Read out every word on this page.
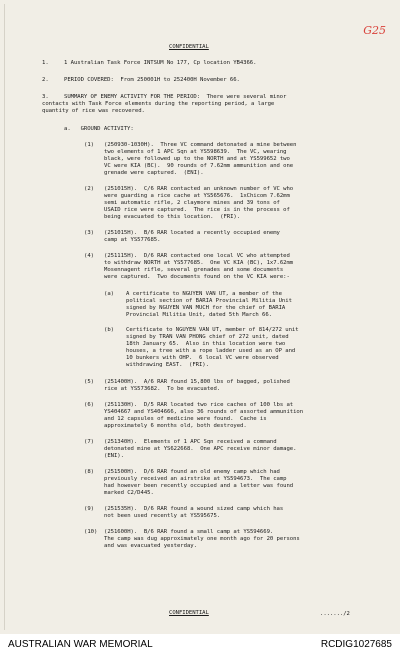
G25
CONFIDENTIAL
1.	1 Australian Task Force INTSUM No 177, Cp location YB4366.
2.	PERIOD COVERED:  From 250001H to 252400H November 66.
3.	SUMMARY OF ENEMY ACTIVITY FOR THE PERIOD:  There were several minor
contacts with Task Force elements during the reporting period, a large
quantity of rice was recovered.
a.   GROUND ACTIVITY:
(1) (250930-1030H).  Three VC command detonated a mine between
two elements of 1 APC Sqn at YS598639.  The VC, wearing
black, were followed up to the NORTH and at YS599652 two
VC were KIA (BC).  90 rounds of 7.62mm ammunition and one
grenade were captured.  (ENI).
(2) (251015H).  C/6 RAR contacted an unknown number of VC who
were guarding a rice cache at YS565676.  1xChicom 7.62mm
semi automatic rifle, 2 claymore mines and 39 tons of
USAID rice were captured.  The rice is in the process of
being evacuated to this location.  (FRI).
(3) (251015H).  B/6 RAR located a recently occupied enemy
camp at YS577685.
(4) (251115H).  D/6 RAR contacted one local VC who attempted
to withdraw NORTH at YS577685.  One VC KIA (BC), 1x7.62mm
Mosennagent rifle, several grenades and some documents
were captured.  Two documents found on the VC KIA were:-
(a) A certificate to NGUYEN VAN UT, a member of the
political section of BARIA Provincial Militia Unit
signed by NGUYEN VAN MUCH for the chief of BARIA
Provincial Militia Unit, dated 5th March 66.
(b) Certificate to NGUYEN VAN UT, member of 814/272 unit
signed by TRAN VAN PHONG chief of 272 unit, dated
18th January 65.  Also in this location were two
houses, a tree with a rope ladder used as an OP and
10 bunkers with OHP.  6 local VC were observed
withdrawing EAST.  (FRI).
(5) (251400H).  A/6 RAR found 15,800 lbs of bagged, polished
rice at YS573682.  To be evacuated.
(6) (251130H).  D/5 RAR located two rice caches of 100 lbs at
YS404667 and YS404666, also 36 rounds of assorted ammunition
and 12 capsules of medicine were found.  Cache is
approximately 6 months old, both destroyed.
(7) (251340H).  Elements of 1 APC Sqn received a command
detonated mine at YS622668.  One APC receive minor damage.
(ENI).
(8) (251500H).  D/6 RAR found an old enemy camp which had
previously received an airstrike at YS594673.  The camp
had however been recently occupied and a letter was found
marked C2/D445.
(9) (251535H).  D/6 RAR found a wound sized camp which has
not been used recently at YS595675.
(10) (251600H).  B/6 RAR found a small camp at YS594669.
The camp was dug approximately one month ago for 20 persons
and was evacuated yesterday.
CONFIDENTIAL	......./2
AUSTRALIAN WAR MEMORIAL	RCDIG1027685
